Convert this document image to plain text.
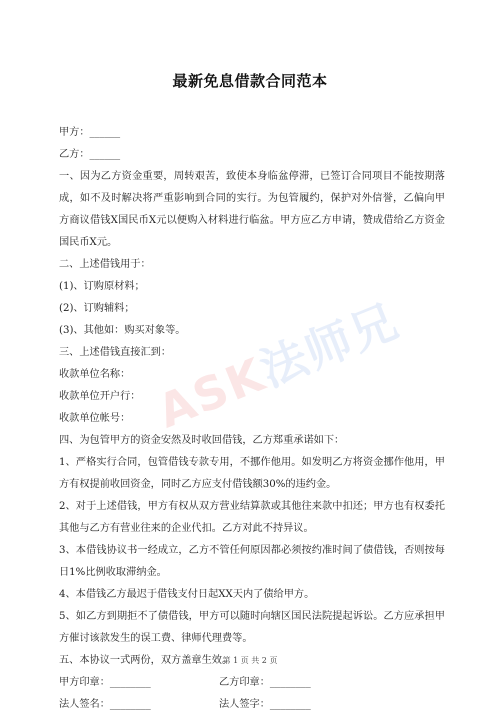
最新免息借款合同范本
ASK法师兄

甲方：______

乙方：______

一、因为乙方资金重要，周转艰苦，致使本身临盆停滞，已签订合同项目不能按期落成，如不及时解决将严重影响到合同的实行。为包管履约，保护对外信誉，乙偏向甲方商议借钱X国民币X元以便购入材料进行临盆。甲方应乙方申请，赞成借给乙方资金国民币X元。

二、上述借钱用于：

(1)、订购原材料；

(2)、订购辅料；

(3)、其他如：购买对象等。

三、上述借钱直接汇到：

收款单位名称：

收款单位开户行：

收款单位帐号：

四、为包管甲方的资金安然及时收回借钱，乙方郑重承诺如下：

1、严格实行合同，包管借钱专款专用，不挪作他用。如发明乙方将资金挪作他用，甲方有权提前收回资金，同时乙方应支付借钱额30%的违约金。

2、对于上述借钱，甲方有权从双方营业结算款或其他往来款中扣还；甲方也有权委托其他与乙方有营业往来的企业代扣。乙方对此不持异议。

3、本借钱协议书一经成立，乙方不管任何原因都必须按约准时间了债借钱，否则按每日1%比例收取滞纳金。

4、本借钱乙方最迟于借钱支付日起XX天内了债给甲方。

5、如乙方到期拒不了债借钱，甲方可以随时向辖区国民法院提起诉讼。乙方应承担甲方催讨该款发生的误工费、律师代理费等。

五、本协议一式两份，双方盖章生效。

甲方印章：________	乙方印章：________
法人签名：________	法人签字：________
第 1 页 共 2 页
